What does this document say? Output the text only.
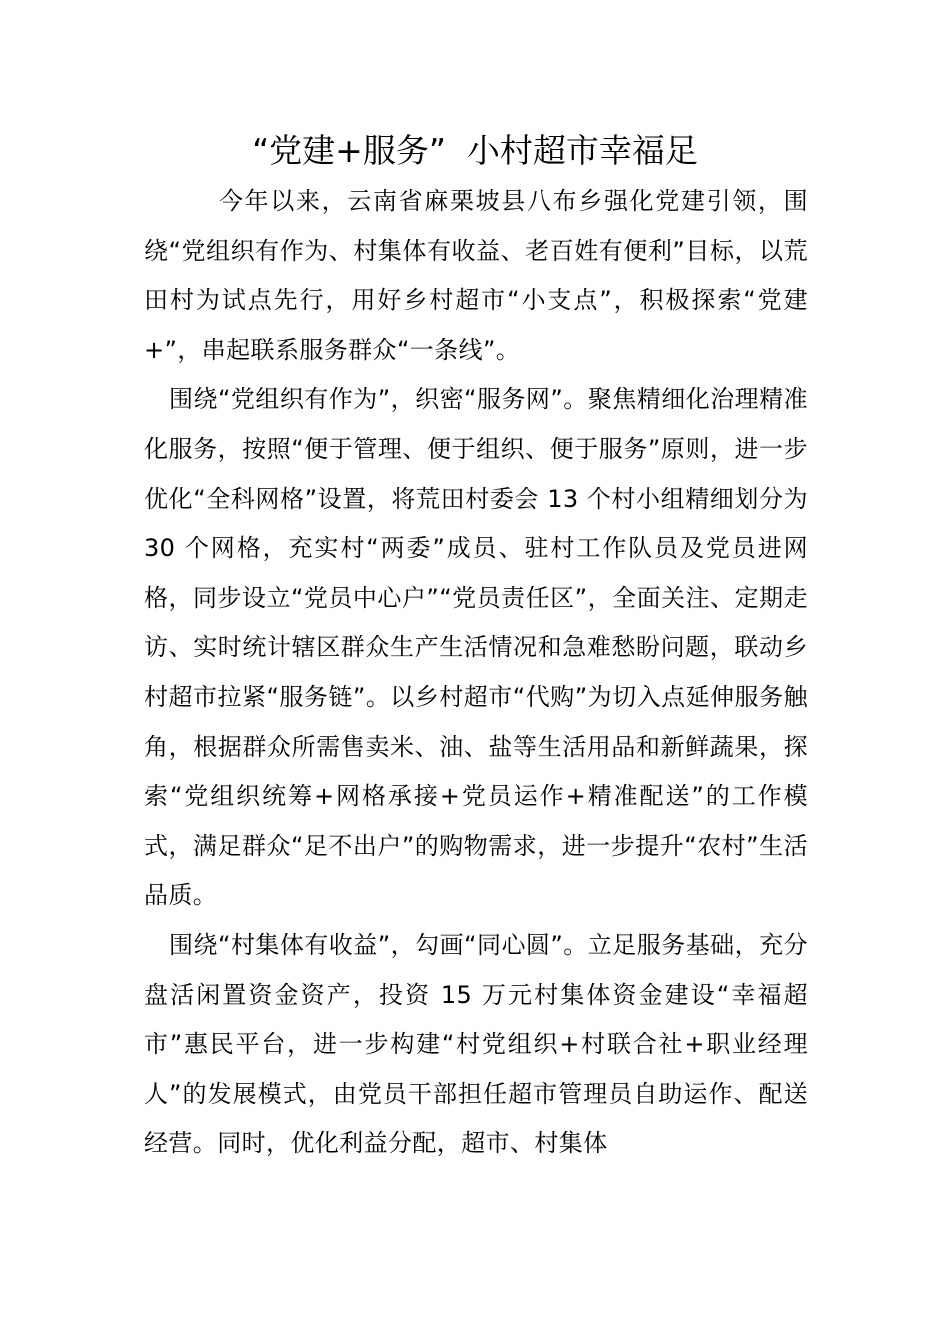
“党建+服务”  小村超市幸福足

今年以来，云南省麻栗坡县八布乡强化党建引领，围绕“党组织有作为、村集体有收益、老百姓有便利”目标，以荒田村为试点先行，用好乡村超市“小支点”，积极探索“党建+”，串起联系服务群众“一条线”。

围绕“党组织有作为”，织密“服务网”。聚焦精细化治理精准化服务，按照“便于管理、便于组织、便于服务”原则，进一步优化“全科网格”设置，将荒田村委会 13 个村小组精细划分为 30 个网格，充实村“两委”成员、驻村工作队员及党员进网格，同步设立“党员中心户”“党员责任区”，全面关注、定期走访、实时统计辖区群众生产生活情况和急难愁盼问题，联动乡村超市拉紧“服务链”。以乡村超市“代购”为切入点延伸服务触角，根据群众所需售卖米、油、盐等生活用品和新鲜蔬果，探索“党组织统筹+网格承接+党员运作+精准配送”的工作模式，满足群众“足不出户”的购物需求，进一步提升“农村”生活品质。

围绕“村集体有收益”，勾画“同心圆”。立足服务基础，充分盘活闲置资金资产，投资 15 万元村集体资金建设“幸福超市”惠民平台，进一步构建“村党组织+村联合社+职业经理人”的发展模式，由党员干部担任超市管理员自助运作、配送经营。同时，优化利益分配，超市、村集体
